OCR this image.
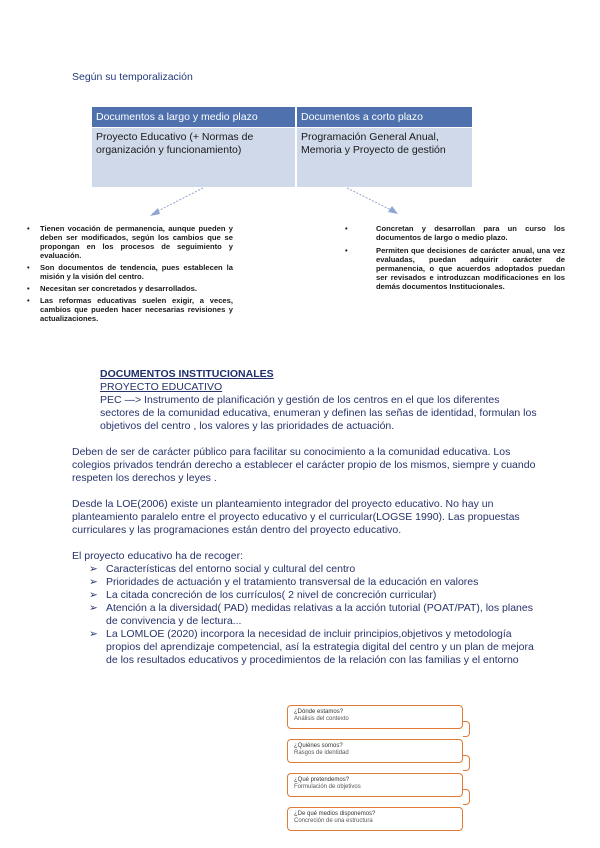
Según su temporalización
Documentos a largo y medio plazo	Documentos a corto plazo
Proyecto Educativo (+ Normas de organización y funcionamiento)
Programación General Anual, Memoria y Proyecto de gestión
• Tienen vocación de permanencia, aunque pueden y deben ser modificados, según los cambios que se propongan en los procesos de seguimiento y evaluación.
• Son documentos de tendencia, pues establecen la misión y la visión del centro.
• Necesitan ser concretados y desarrollados.
• Las reformas educativas suelen exigir, a veces, cambios que pueden hacer necesarias revisiones y actualizaciones.
• Concretan y desarrollan para un curso los documentos de largo o medio plazo.
• Permiten que decisiones de carácter anual, una vez evaluadas, puedan adquirir carácter de permanencia, o que acuerdos adoptados puedan ser revisados e introduzcan modificaciones en los demás documentos Institucionales.
DOCUMENTOS INSTITUCIONALES
PROYECTO EDUCATIVO

PEC —> Instrumento de planificación y gestión de los centros en el que los diferentes sectores de la comunidad educativa, enumeran y definen las señas de identidad, formulan los objetivos del centro , los valores y las prioridades de actuación.

Deben de ser de carácter público para facilitar su conocimiento a la comunidad educativa. Los colegios privados tendrán derecho a establecer el carácter propio de los mismos, siempre y cuando respeten los derechos y leyes .

Desde la LOE(2006) existe un planteamiento integrador del proyecto educativo. No hay un planteamiento paralelo entre el proyecto educativo y el curricular(LOGSE 1990). Las propuestas curriculares y las programaciones están dentro del proyecto educativo.

El proyecto educativo ha de recoger:
➢ Características del entorno social y cultural del centro
➢ Prioridades de actuación y el tratamiento transversal de la educación en valores
➢ La citada concreción de los currículos( 2 nivel de concreción curricular)
➢ Atención a la diversidad( PAD) medidas relativas a la acción tutorial (POAT/PAT), los planes de convivencia y de lectura...
➢ La LOMLOE (2020) incorpora la necesidad de incluir principios,objetivos y metodología propios del aprendizaje competencial, así la estrategia digital del centro y un plan de mejora de los resultados educativos y procedimientos de la relación con las familias y el entorno
¿Dónde estamos?
Análisis del contexto
¿Quiénes somos?
Rasgos de identidad
¿Qué pretendemos?
Formulación de objetivos
¿De qué medios disponemos?
Concreción de una estructura
